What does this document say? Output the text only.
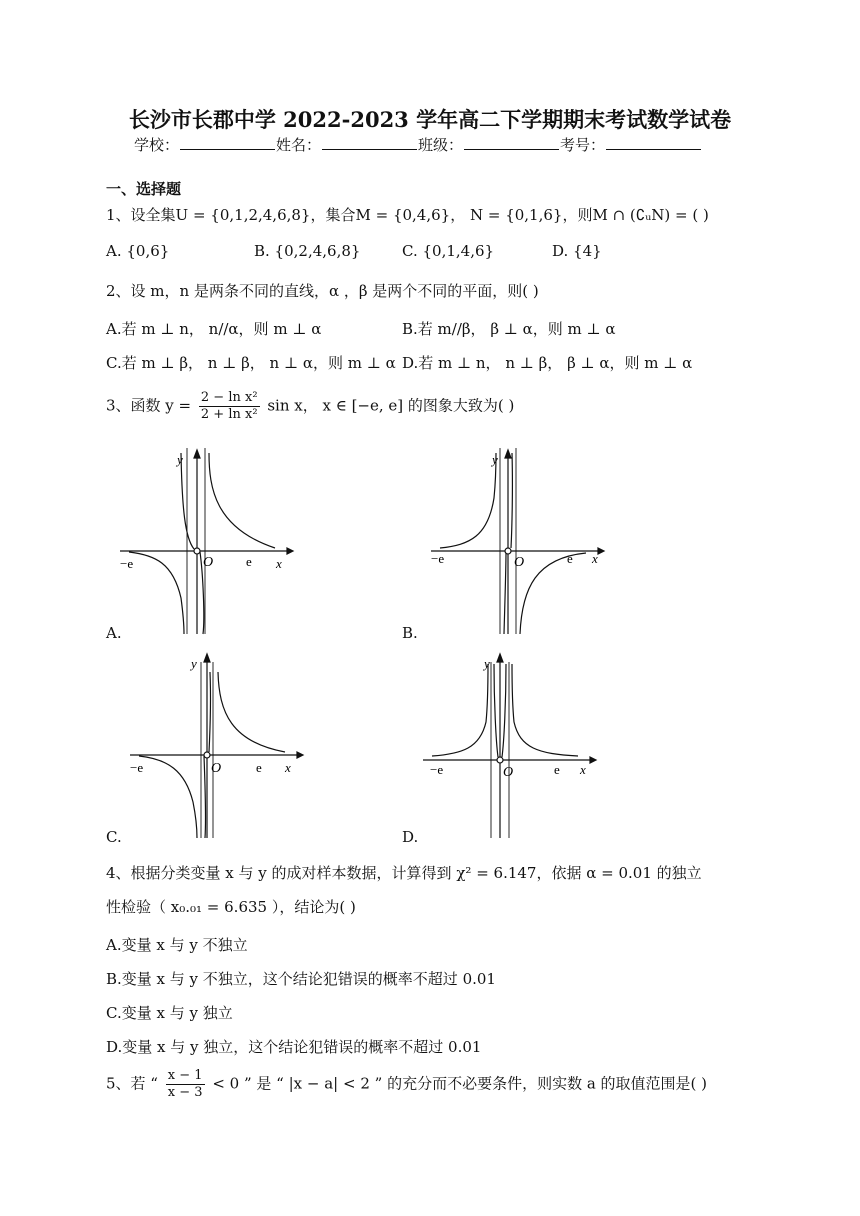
长沙市长郡中学 2022-2023 学年高二下学期期末考试数学试卷
学校：	姓名：	班级：	考号：
一、选择题
1、设全集U = {0,1,2,4,6,8}，集合M = {0,4,6}， N = {0,1,6}，则M ∩ (∁ᵤN) = ( )
A. {0,6}	B. {0,2,4,6,8}	C. {0,1,4,6}	D. {4}
2、设 m，n 是两条不同的直线，α ，β 是两个不同的平面，则( )
A.若 m ⊥ n， n//α，则 m ⊥ α	B.若 m//β， β ⊥ α，则 m ⊥ α
C.若 m ⊥ β， n ⊥ β， n ⊥ α，则 m ⊥ α D.若 m ⊥ n， n ⊥ β， β ⊥ α，则 m ⊥ α
3、函数 $y = \frac{\text{2 − ln x²}}{\text{2 + ln x²}}$ sin x， x ∈ [−e, e] 的图象大致为( )
y
−e	O	e x
A.
y
−e	O	e x
B.
y
−e	O	e x
C.
y
−e	O	e x
D.
4、根据分类变量 x 与 y 的成对样本数据，计算得到 χ² = 6.147，依据 α = 0.01 的独立
性检验（ x₀.₀₁ = 6.635 ），结论为( )
A.变量 x 与 y 不独立
B.变量 x 与 y 不独立，这个结论犯错误的概率不超过 0.01
C.变量 x 与 y 独立
D.变量 x 与 y 独立，这个结论犯错误的概率不超过 0.01
5、若 “ $\frac{x - 1}{x - 3} < 0$ ” 是 “ |x − a| < 2 ” 的充分而不必要条件，则实数 a 的取值范围是( )
